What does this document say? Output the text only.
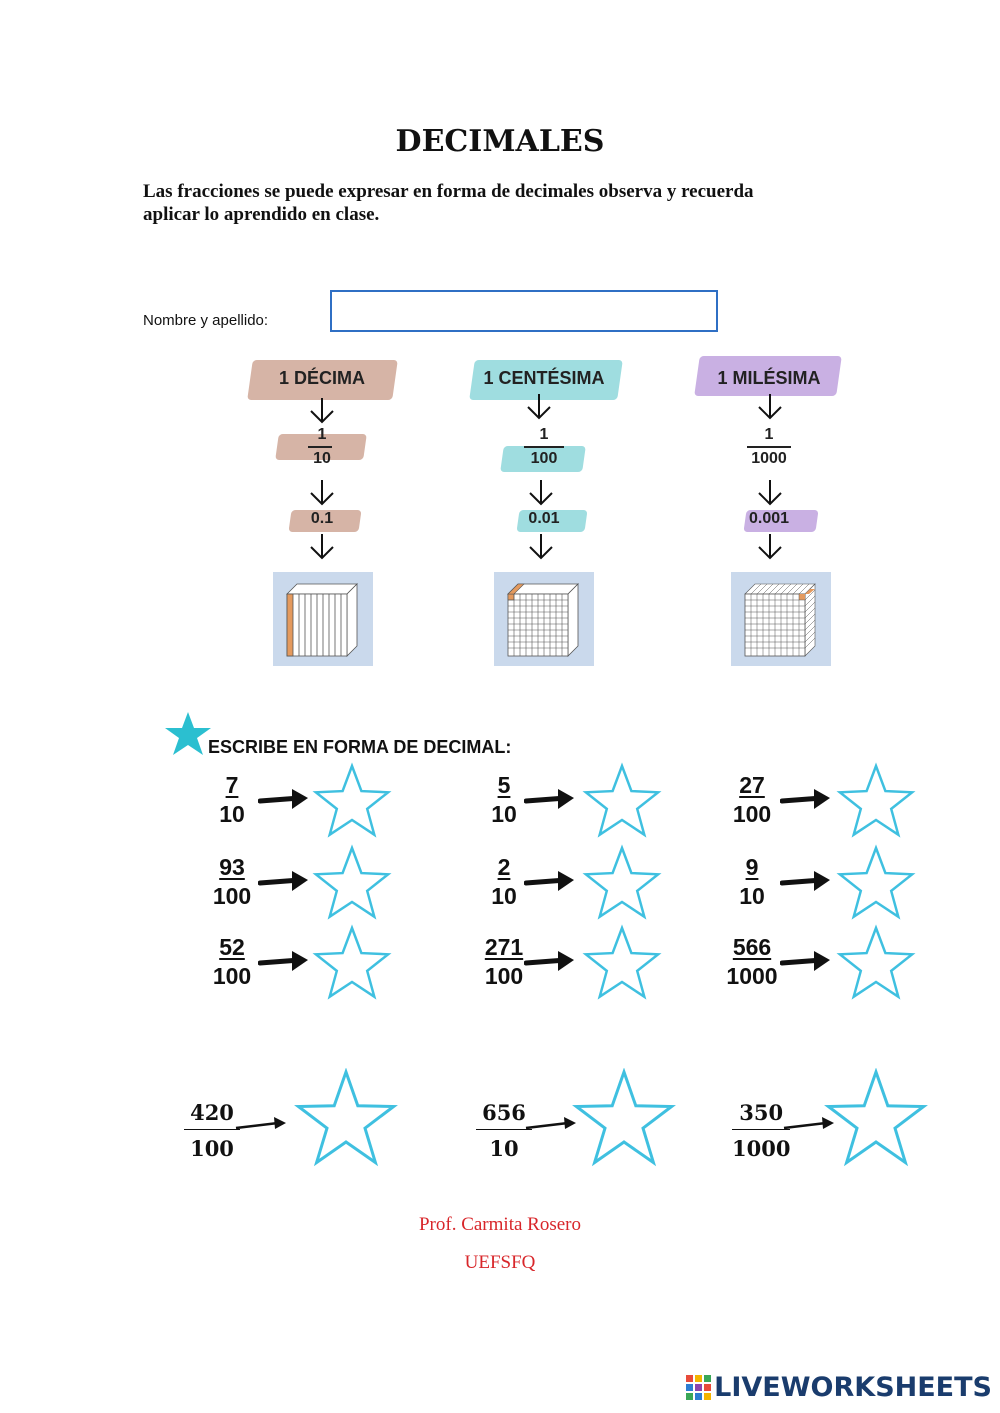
DECIMALES
Las fracciones se puede expresar en forma de decimales observa y recuerda aplicar lo aprendido en clase.
Nombre y apellido:
1 DÉCIMA
1
10
0.1
1 CENTÉSIMA
1
100
0.01
1 MILÉSIMA
1
1000
0.001
ESCRIBE EN FORMA DE DECIMAL:
$\frac{7}{10}$	$\frac{5}{10}$	$\frac{27}{100}$
$\frac{93}{100}$	$\frac{2}{10}$	$\frac{9}{10}$
$\frac{52}{100}$	$\frac{271}{100}$	$\frac{566}{1000}$
$\frac{420}{100}$	$\frac{656}{10}$	$\frac{350}{1000}$
Prof. Carmita Rosero
UEFSFQ
LIVEWORKSHEETS
